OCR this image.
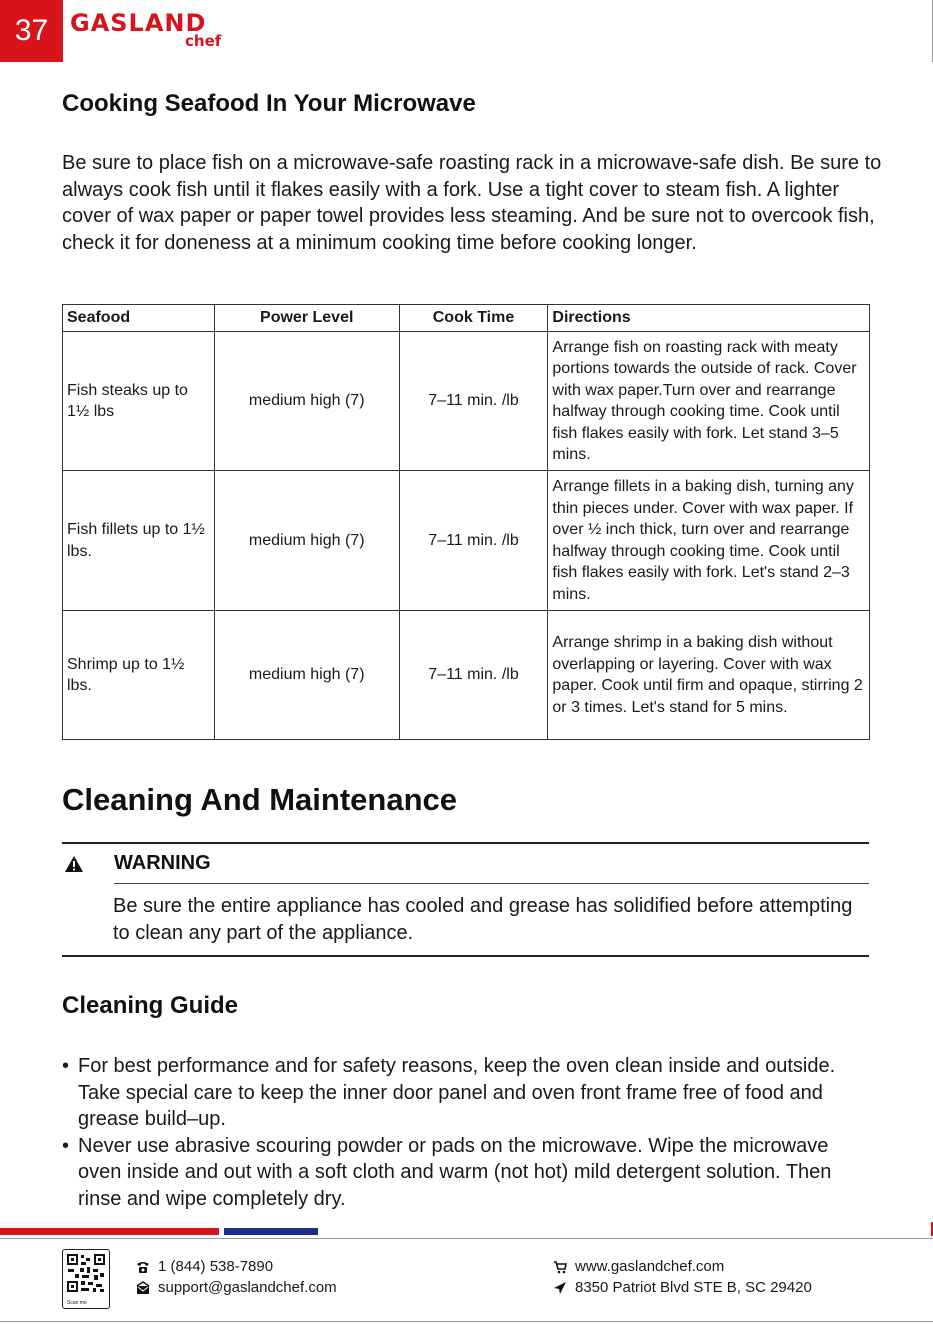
37 GASLAND
chef
Cooking Seafood In Your Microwave

Be sure to place fish on a microwave-safe roasting rack in a microwave-safe dish. Be sure to always cook fish until it flakes easily with a fork. Use a tight cover to steam fish. A lighter cover of wax paper or paper towel provides less steaming. And be sure not to overcook fish, check it for doneness at a minimum cooking time before cooking longer.

Seafood	Power Level	Cook Time	Directions
Fish steaks up to 1½ lbs	medium high (7)	7–11 min. /lb	Arrange fish on roasting rack with meaty portions towards the outside of rack. Cover with wax paper.Turn over and rearrange halfway through cooking time. Cook until fish flakes easily with fork. Let stand 3–5 mins.
Fish fillets up to 1½ lbs.	medium high (7)	7–11 min. /lb	Arrange fillets in a baking dish, turning any thin pieces under. Cover with wax paper. If over ½ inch thick, turn over and rearrange halfway through cooking time. Cook until fish flakes easily with fork. Let's stand 2–3 mins.
Shrimp up to 1½ lbs.	medium high (7)	7–11 min. /lb	Arrange shrimp in a baking dish without overlapping or layering. Cover with wax paper. Cook until firm and opaque, stirring 2 or 3 times. Let's stand for 5 mins.
Cleaning And Maintenance
WARNING

Be sure the entire appliance has cooled and grease has solidified before attempting to clean any part of the appliance.

Cleaning Guide
• For best performance and for safety reasons, keep the oven clean inside and outside. Take special care to keep the inner door panel and oven front frame free of food and grease build–up.
• Never use abrasive scouring powder or pads on the microwave. Wipe the microwave oven inside and out with a soft cloth and warm (not hot) mild detergent solution. Then rinse and wipe completely dry.
Scan me
1 (844) 538-7890
support@gaslandchef.com
www.gaslandchef.com
8350 Patriot Blvd STE B, SC 29420
